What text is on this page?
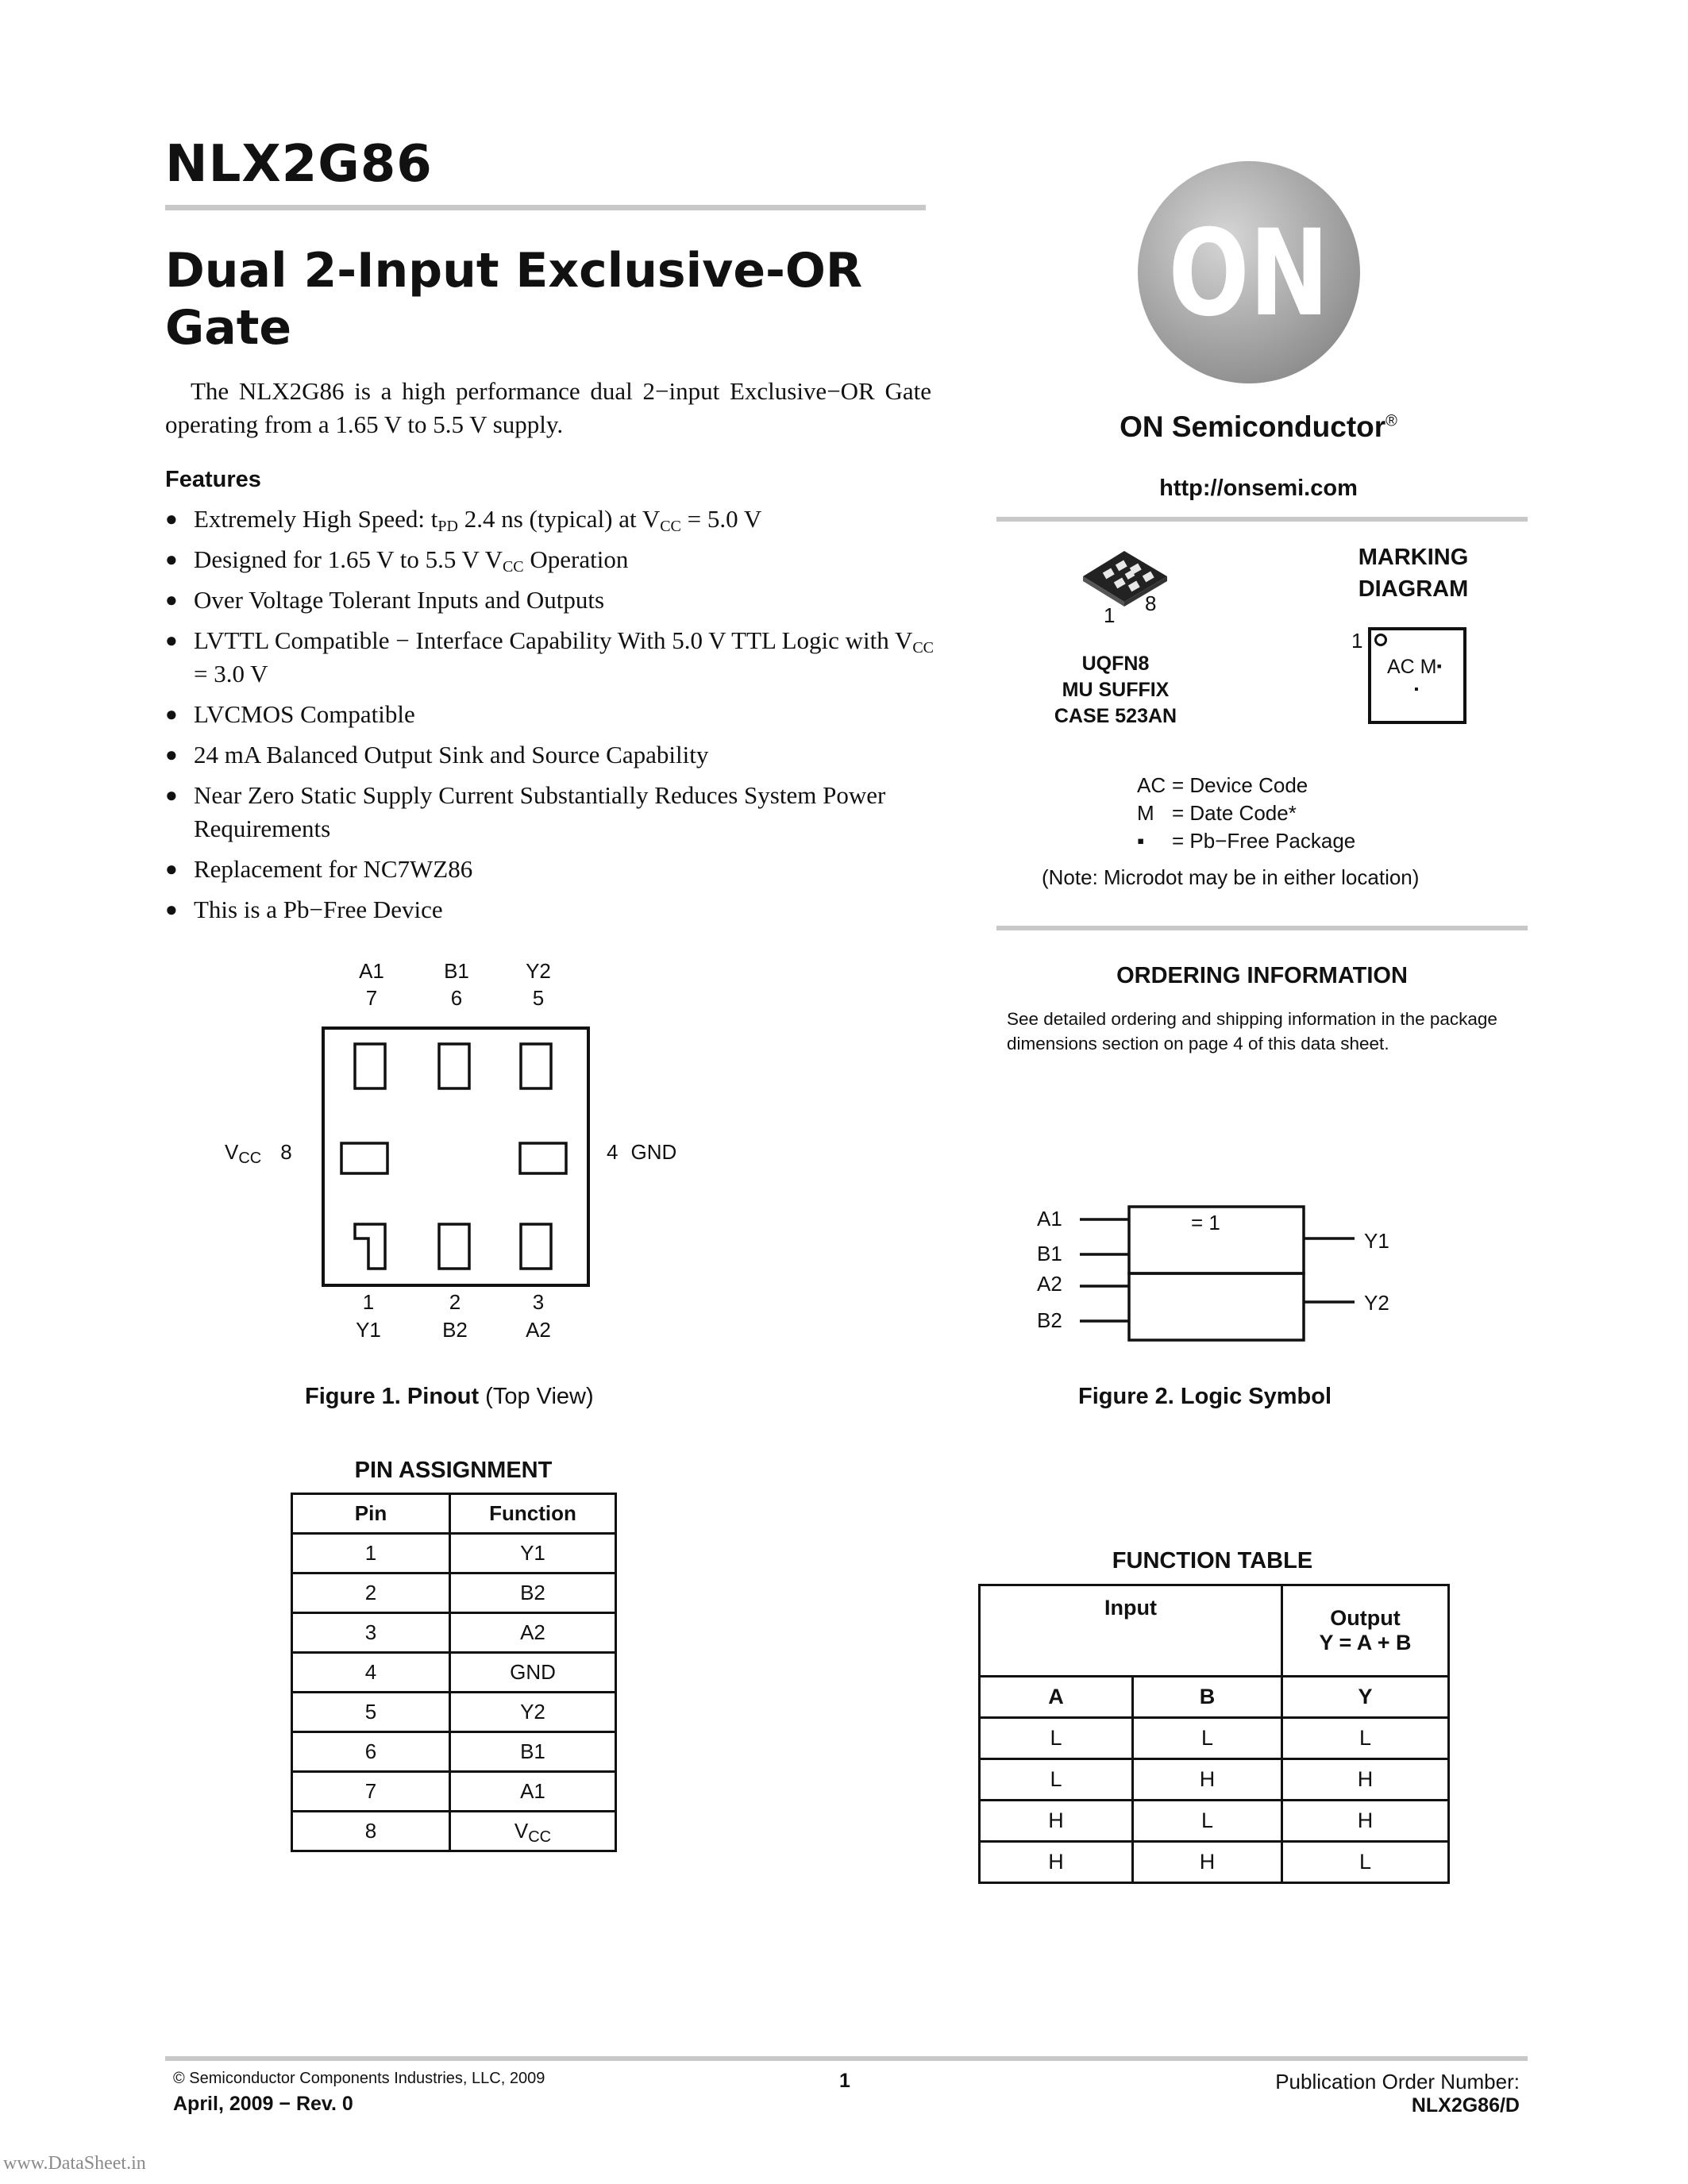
NLX2G86
Dual 2-Input Exclusive-OR
Gate
The NLX2G86 is a high performance dual 2−input Exclusive−OR Gate operating from a 1.65 V to 5.5 V supply.
Features
● Extremely High Speed: $t_{PD}$ 2.4 ns (typical) at $V_{CC} = 5.0$ V
● Designed for 1.65 V to 5.5 V $V_{CC}$ Operation
● Over Voltage Tolerant Inputs and Outputs
● LVTTL Compatible − Interface Capability With 5.0 V TTL Logic with $V_{CC} = 3.0$ V
● LVCMOS Compatible
● 24 mA Balanced Output Sink and Source Capability
● Near Zero Static Supply Current Substantially Reduces System Power Requirements
● Replacement for NC7WZ86
● This is a Pb−Free Device
ON
ON Semiconductor®
http://onsemi.com
1 8
UQFN8
MU SUFFIX
CASE 523AN
MARKING
DIAGRAM
1
AC M▪
▪
AC = Device Code
M = Date Code*
▪ = Pb−Free Package
(Note: Microdot may be in either location)
ORDERING INFORMATION
See detailed ordering and shipping information in the package
dimensions section on page 4 of this data sheet.
A1
7
B1
6
Y2
5
1
Y1
2
B2
3
A2
$V_{CC}$ 8	4 GND
Figure 1. Pinout (Top View)
= 1
A1
B1
A2
B2
Y1
Y2
Figure 2. Logic Symbol
PIN ASSIGNMENT
Pin	Function
1	Y1
2	B2
3	A2
4	GND
5	Y2
6	B1
7	A1
8	$V_{CC}$
FUNCTION TABLE
Input		Output
		Y = A + B
A	B	Y
L	L	L
L	H	H
H	L	H
H	H	L
© Semiconductor Components Industries, LLC, 2009
April, 2009 − Rev. 0
1	Publication Order Number:
NLX2G86/D
www.DataSheet.in
